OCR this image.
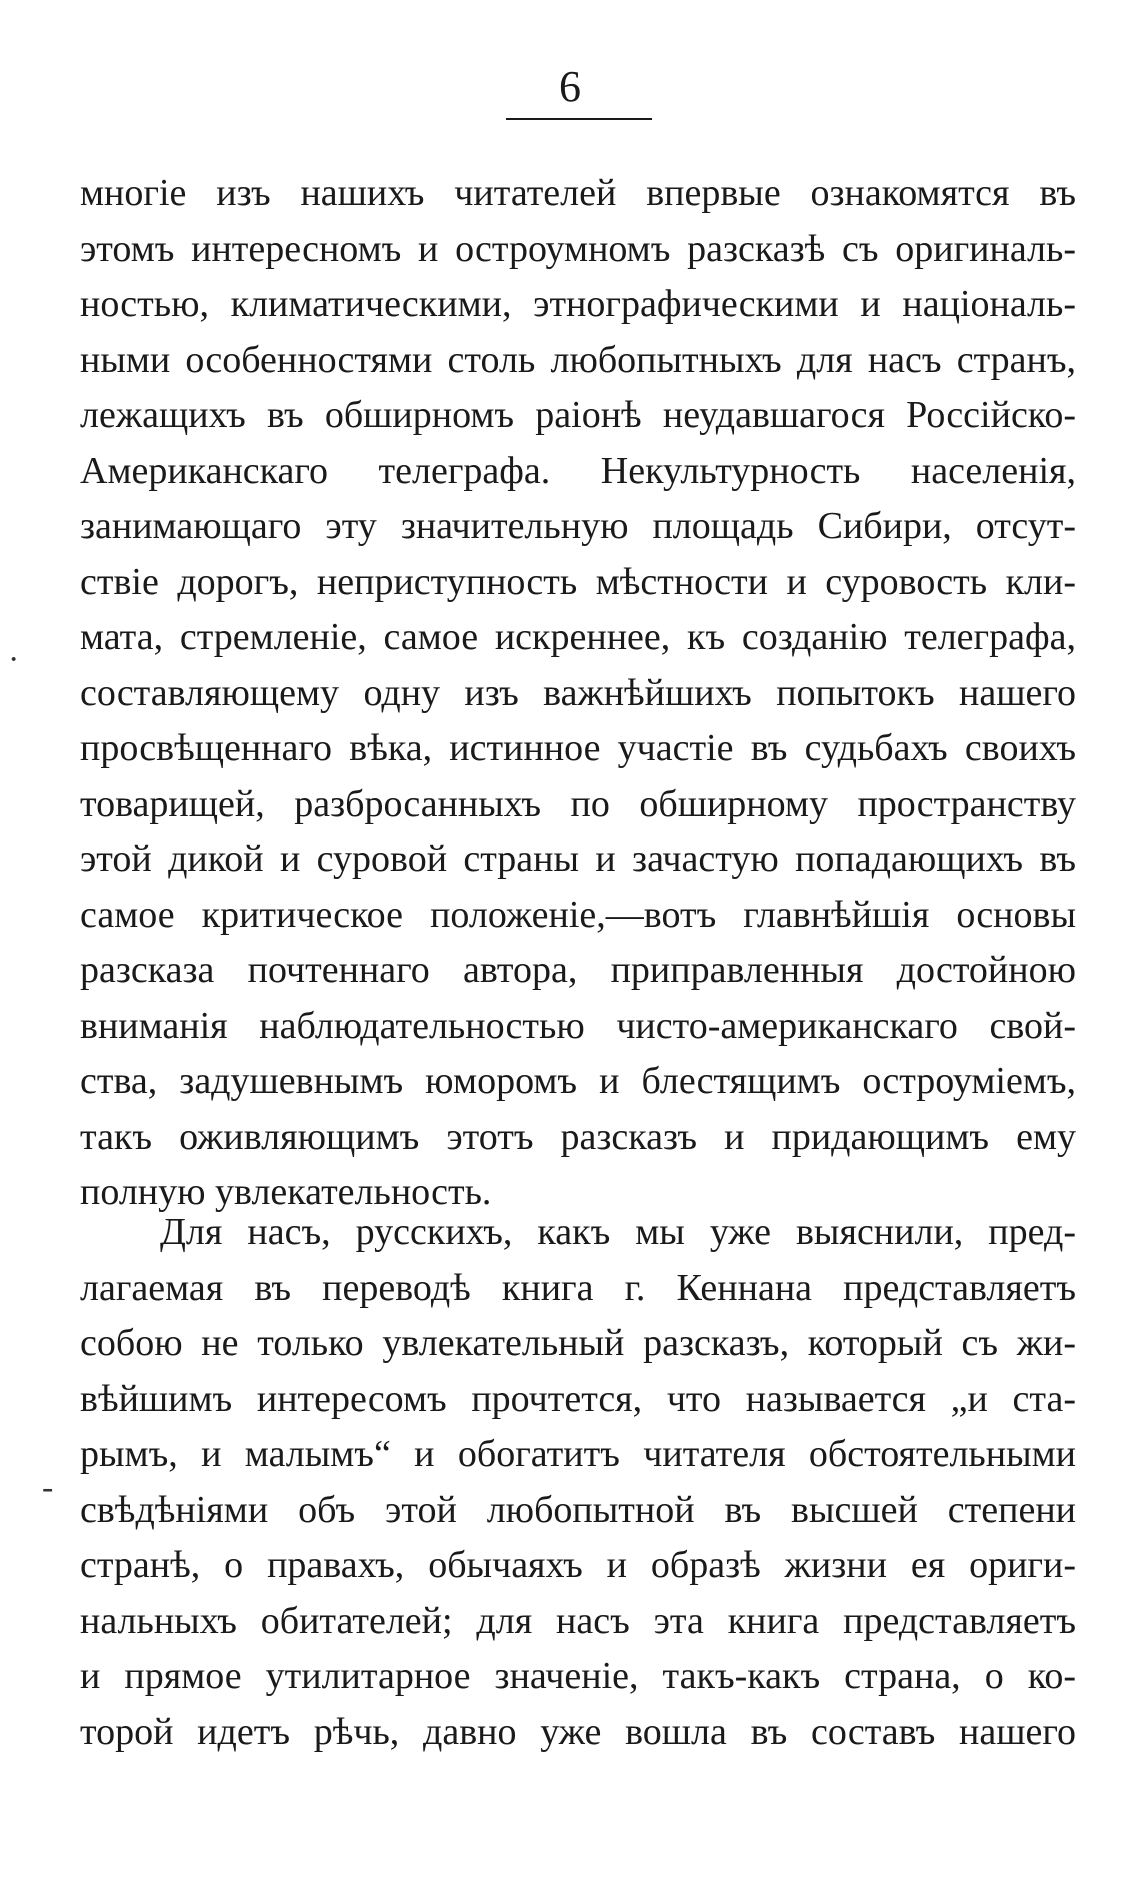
6
·
-
многіе изъ нашихъ читателей впервые ознакомятся въ
этомъ интересномъ и остроумномъ разсказѣ съ оригиналь-
ностью, климатическими, этнографическими и національ-
ными особенностями столь любопытныхъ для насъ странъ,
лежащихъ въ обширномъ раіонѣ неудавшагося Россійско-
Американскаго телеграфа. Некультурность населенія,
занимающаго эту значительную площадь Сибири, отсут-
ствіе дорогъ, неприступность мѣстности и суровость кли-
мата, стремленіе, самое искреннее, къ созданію телеграфа,
составляющему одну изъ важнѣйшихъ попытокъ нашего
просвѣщеннаго вѣка, истинное участіе въ судьбахъ своихъ
товарищей, разбросанныхъ по обширному пространству
этой дикой и суровой страны и зачастую попадающихъ въ
самое критическое положеніе,—вотъ главнѣйшія основы
разсказа почтеннаго автора, приправленныя достойною
вниманія наблюдательностью чисто-американскаго свой-
ства, задушевнымъ юморомъ и блестящимъ остроуміемъ,
такъ оживляющимъ этотъ разсказъ и придающимъ ему
полную увлекательность.
Для насъ, русскихъ, какъ мы уже выяснили, пред-
лагаемая въ переводѣ книга г. Кеннана представляетъ
собою не только увлекательный разсказъ, который съ жи-
вѣйшимъ интересомъ прочтется, что называется „и ста-
рымъ, и малымъ“ и обогатитъ читателя обстоятельными
свѣдѣніями объ этой любопытной въ высшей степени
странѣ, о правахъ, обычаяхъ и образѣ жизни ея ориги-
нальныхъ обитателей; для насъ эта книга представляетъ
и прямое утилитарное значеніе, такъ-какъ страна, о ко-
торой идетъ рѣчь, давно уже вошла въ составъ нашего
